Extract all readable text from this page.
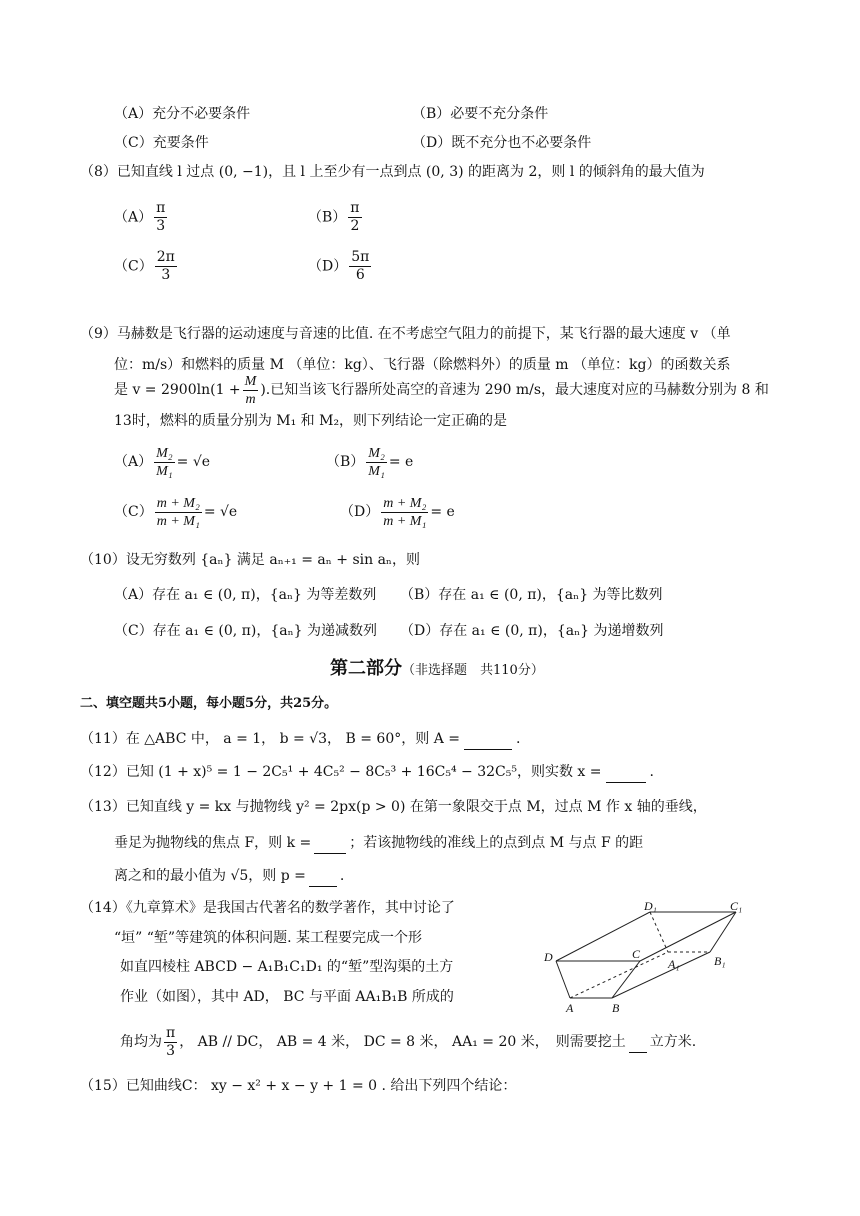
（A）充分不必要条件	（B）必要不充分条件
（C）充要条件	（D）既不充分也不必要条件
（8）已知直线 l 过点 (0, −1)，且 l 上至少有一点到点 (0, 3) 的距离为 2，则 l 的倾斜角的最大值为
$(A) \frac{\pi}{3}$	$(B) \frac{\pi}{2}$
$(C) \frac{2\pi}{3}$	$(D) \frac{5\pi}{6}$
（9）马赫数是飞行器的运动速度与音速的比值. 在不考虑空气阻力的前提下，某飞行器的最大速度 v （单
位：m/s）和燃料的质量 M （单位：kg）、飞行器（除燃料外）的质量 m （单位：kg）的函数关系
是 $v = 2900\ln(1 + \frac{M}{m}$ ).已知当该飞行器所处高空的音速为 290 m/s，最大速度对应的马赫数分别为 8 和
13时，燃料的质量分别为 M₁ 和 M₂，则下列结论一定正确的是
$(A) \frac{\text{M₂}}{\text{M₁}} = √e$	$(B) \frac{\text{M₂}}{\text{M₁}} = e$
$(C) \frac{\text{m + M₂}}{\text{m + M₁}} = √e$	$(D) \frac{\text{m + M₂}}{\text{m + M₁}} = e$
（10）设无穷数列 {aₙ} 满足 aₙ₊₁ = aₙ + sin aₙ，则
（A）存在 a₁ ∈ (0, π)，{aₙ} 为等差数列 （B）存在 a₁ ∈ (0, π)，{aₙ} 为等比数列
（C）存在 a₁ ∈ (0, π)，{aₙ} 为递减数列 （D）存在 a₁ ∈ (0, π)，{aₙ} 为递增数列
第二部分（非选择题　共110分）
二、填空题共5小题，每小题5分，共25分。
（11）在 △ABC 中， a = 1， b = √3， B = 60°，则 A =	.
（12）已知 (1 + x)⁵ = 1 − 2C₅¹ + 4C₅² − 8C₅³ + 16C₅⁴ − 32C₅⁵，则实数 x =	.
（13）已知直线 y = kx 与抛物线 y² = 2px(p > 0) 在第一象限交于点 M，过点 M 作 x 轴的垂线，
垂足为抛物线的焦点 F，则 k =	；若该抛物线的准线上的点到点 M 与点 F 的距
离之和的最小值为 √5，则 p = .
（14）《九章算术》是我国古代著名的数学著作，其中讨论了
“垣” “堑”等建筑的体积问题. 某工程要完成一个形
如直四棱柱 ABCD − A₁B₁C₁D₁ 的“堑”型沟渠的土方
作业（如图），其中 AD， BC 与平面 AA₁B₁B 所成的
角均为 $\frac{\pi}{3}$ ， AB // DC， AB = 4 米， DC = 8 米， AA₁ = 20 米，　则需要挖土
立方米.
D₁	C₁
D	C
A₁	B₁
A	B
（15）已知曲线C： xy − x² + x − y + 1 = 0 . 给出下列四个结论：
